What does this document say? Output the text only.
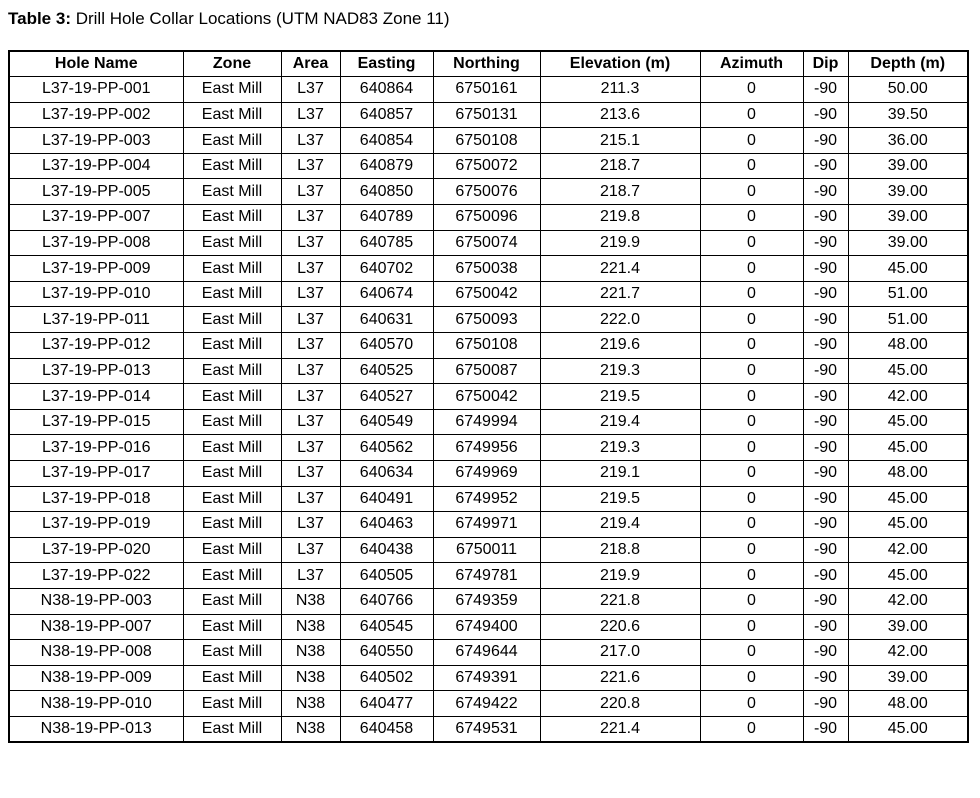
Table 3: Drill Hole Collar Locations (UTM NAD83 Zone 11)
Hole Name	Zone	Area	Easting	Northing	Elevation (m)	Azimuth	Dip	Depth (m)
L37-19-PP-001	East Mill	L37	640864	6750161	211.3	0	-90	50.00
L37-19-PP-002	East Mill	L37	640857	6750131	213.6	0	-90	39.50
L37-19-PP-003	East Mill	L37	640854	6750108	215.1	0	-90	36.00
L37-19-PP-004	East Mill	L37	640879	6750072	218.7	0	-90	39.00
L37-19-PP-005	East Mill	L37	640850	6750076	218.7	0	-90	39.00
L37-19-PP-007	East Mill	L37	640789	6750096	219.8	0	-90	39.00
L37-19-PP-008	East Mill	L37	640785	6750074	219.9	0	-90	39.00
L37-19-PP-009	East Mill	L37	640702	6750038	221.4	0	-90	45.00
L37-19-PP-010	East Mill	L37	640674	6750042	221.7	0	-90	51.00
L37-19-PP-011	East Mill	L37	640631	6750093	222.0	0	-90	51.00
L37-19-PP-012	East Mill	L37	640570	6750108	219.6	0	-90	48.00
L37-19-PP-013	East Mill	L37	640525	6750087	219.3	0	-90	45.00
L37-19-PP-014	East Mill	L37	640527	6750042	219.5	0	-90	42.00
L37-19-PP-015	East Mill	L37	640549	6749994	219.4	0	-90	45.00
L37-19-PP-016	East Mill	L37	640562	6749956	219.3	0	-90	45.00
L37-19-PP-017	East Mill	L37	640634	6749969	219.1	0	-90	48.00
L37-19-PP-018	East Mill	L37	640491	6749952	219.5	0	-90	45.00
L37-19-PP-019	East Mill	L37	640463	6749971	219.4	0	-90	45.00
L37-19-PP-020	East Mill	L37	640438	6750011	218.8	0	-90	42.00
L37-19-PP-022	East Mill	L37	640505	6749781	219.9	0	-90	45.00
N38-19-PP-003	East Mill	N38	640766	6749359	221.8	0	-90	42.00
N38-19-PP-007	East Mill	N38	640545	6749400	220.6	0	-90	39.00
N38-19-PP-008	East Mill	N38	640550	6749644	217.0	0	-90	42.00
N38-19-PP-009	East Mill	N38	640502	6749391	221.6	0	-90	39.00
N38-19-PP-010	East Mill	N38	640477	6749422	220.8	0	-90	48.00
N38-19-PP-013	East Mill	N38	640458	6749531	221.4	0	-90	45.00
